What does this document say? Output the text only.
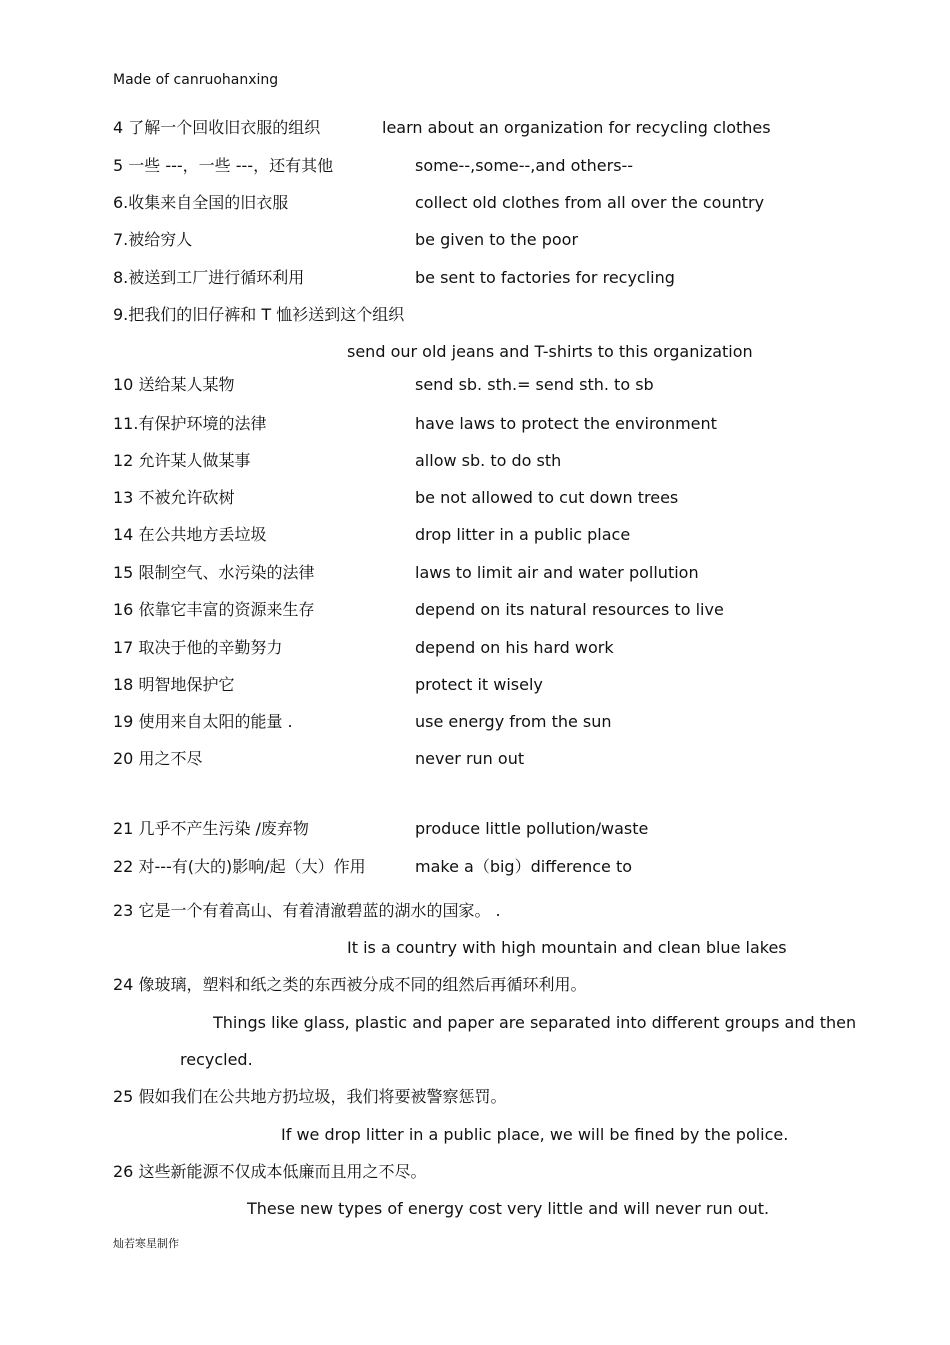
Made of canruohanxing
4 了解一个回收旧衣服的组织	learn about an organization for recycling clothes
5 一些 ---，一些 ---，还有其他	some--,some--,and others--
6.收集来自全国的旧衣服	collect old clothes from all over the country
7.被给穷人	be given to the poor
8.被送到工厂进行循环利用	be sent to factories for recycling
9.把我们的旧仔裤和 T 恤衫送到这个组织
send our old jeans and T-shirts to this organization
10 送给某人某物	send sb. sth.= send sth. to sb
11.有保护环境的法律	have laws to protect the environment
12 允许某人做某事	allow sb. to do sth
13 不被允许砍树	be not allowed to cut down trees
14 在公共地方丢垃圾	drop litter in a public place
15 限制空气、水污染的法律	laws to limit air and water pollution
16 依靠它丰富的资源来生存	depend on its natural resources to live
17 取决于他的辛勤努力	depend on his hard work
18 明智地保护它	protect it wisely
19 使用来自太阳的能量 .	use energy from the sun
20 用之不尽	never run out
21 几乎不产生污染 /废弃物	produce little pollution/waste
22 对---有(大的)影响/起（大）作用	make a（big）difference to
23 它是一个有着高山、有着清澈碧蓝的湖水的国家。 .
It is a country with high mountain and clean blue lakes
24 像玻璃，塑料和纸之类的东西被分成不同的组然后再循环利用。
Things like glass, plastic and paper are separated into different groups and then
recycled.
25 假如我们在公共地方扔垃圾，我们将要被警察惩罚。
If we drop litter in a public place, we will be fined by the police.
26 这些新能源不仅成本低廉而且用之不尽。
These new types of energy cost very little and will never run out.
灿若寒星制作
